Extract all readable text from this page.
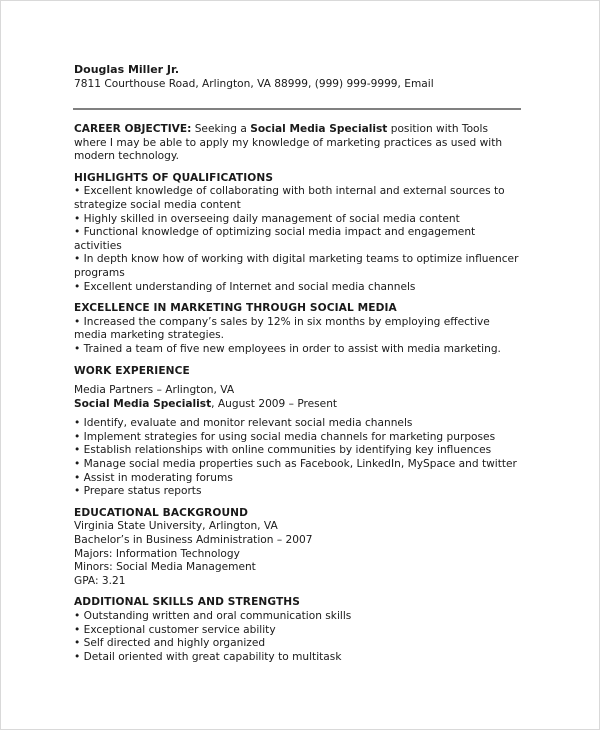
Douglas Miller Jr.
7811 Courthouse Road, Arlington, VA 88999, (999) 999-9999, Email
CAREER OBJECTIVE: Seeking a Social Media Specialist position with Tools where I may be able to apply my knowledge of marketing practices as used with modern technology.
HIGHLIGHTS OF QUALIFICATIONS
• Excellent knowledge of collaborating with both internal and external sources to strategize social media content
• Highly skilled in overseeing daily management of social media content
• Functional knowledge of optimizing social media impact and engagement activities
• In depth know how of working with digital marketing teams to optimize influencer programs
• Excellent understanding of Internet and social media channels
EXCELLENCE IN MARKETING THROUGH SOCIAL MEDIA
• Increased the company’s sales by 12% in six months by employing effective media marketing strategies.
• Trained a team of five new employees in order to assist with media marketing.
WORK EXPERIENCE
Media Partners – Arlington, VA
Social Media Specialist, August 2009 – Present
• Identify, evaluate and monitor relevant social media channels
• Implement strategies for using social media channels for marketing purposes
• Establish relationships with online communities by identifying key influences
• Manage social media properties such as Facebook, LinkedIn, MySpace and twitter
• Assist in moderating forums
• Prepare status reports
EDUCATIONAL BACKGROUND
Virginia State University, Arlington, VA
Bachelor’s in Business Administration – 2007
Majors: Information Technology
Minors: Social Media Management
GPA: 3.21
ADDITIONAL SKILLS AND STRENGTHS
• Outstanding written and oral communication skills
• Exceptional customer service ability
• Self directed and highly organized
• Detail oriented with great capability to multitask
